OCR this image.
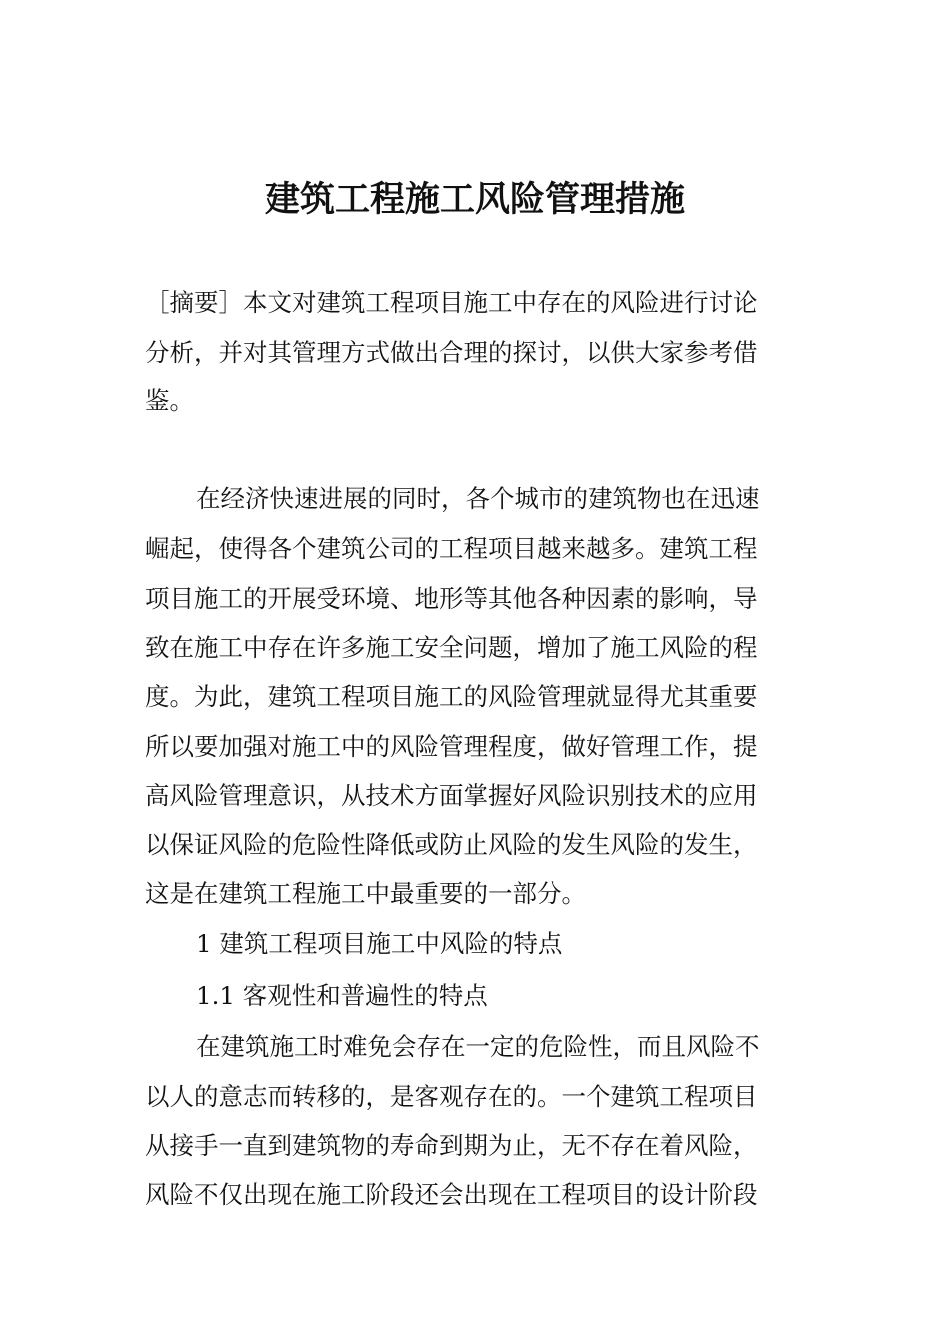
建筑工程施工风险管理措施
［摘要］本文对建筑工程项目施工中存在的风险进行讨论
分析，并对其管理方式做出合理的探讨，以供大家参考借
鉴。
在经济快速进展的同时，各个城市的建筑物也在迅速
崛起，使得各个建筑公司的工程项目越来越多。建筑工程
项目施工的开展受环境、地形等其他各种因素的影响，导
致在施工中存在许多施工安全问题，增加了施工风险的程
度。为此，建筑工程项目施工的风险管理就显得尤其重要
所以要加强对施工中的风险管理程度，做好管理工作，提
高风险管理意识，从技术方面掌握好风险识别技术的应用
以保证风险的危险性降低或防止风险的发生风险的发生，
这是在建筑工程施工中最重要的一部分。
1 建筑工程项目施工中风险的特点
1.1 客观性和普遍性的特点
在建筑施工时难免会存在一定的危险性，而且风险不
以人的意志而转移的，是客观存在的。一个建筑工程项目
从接手一直到建筑物的寿命到期为止，无不存在着风险，
风险不仅出现在施工阶段还会出现在工程项目的设计阶段
